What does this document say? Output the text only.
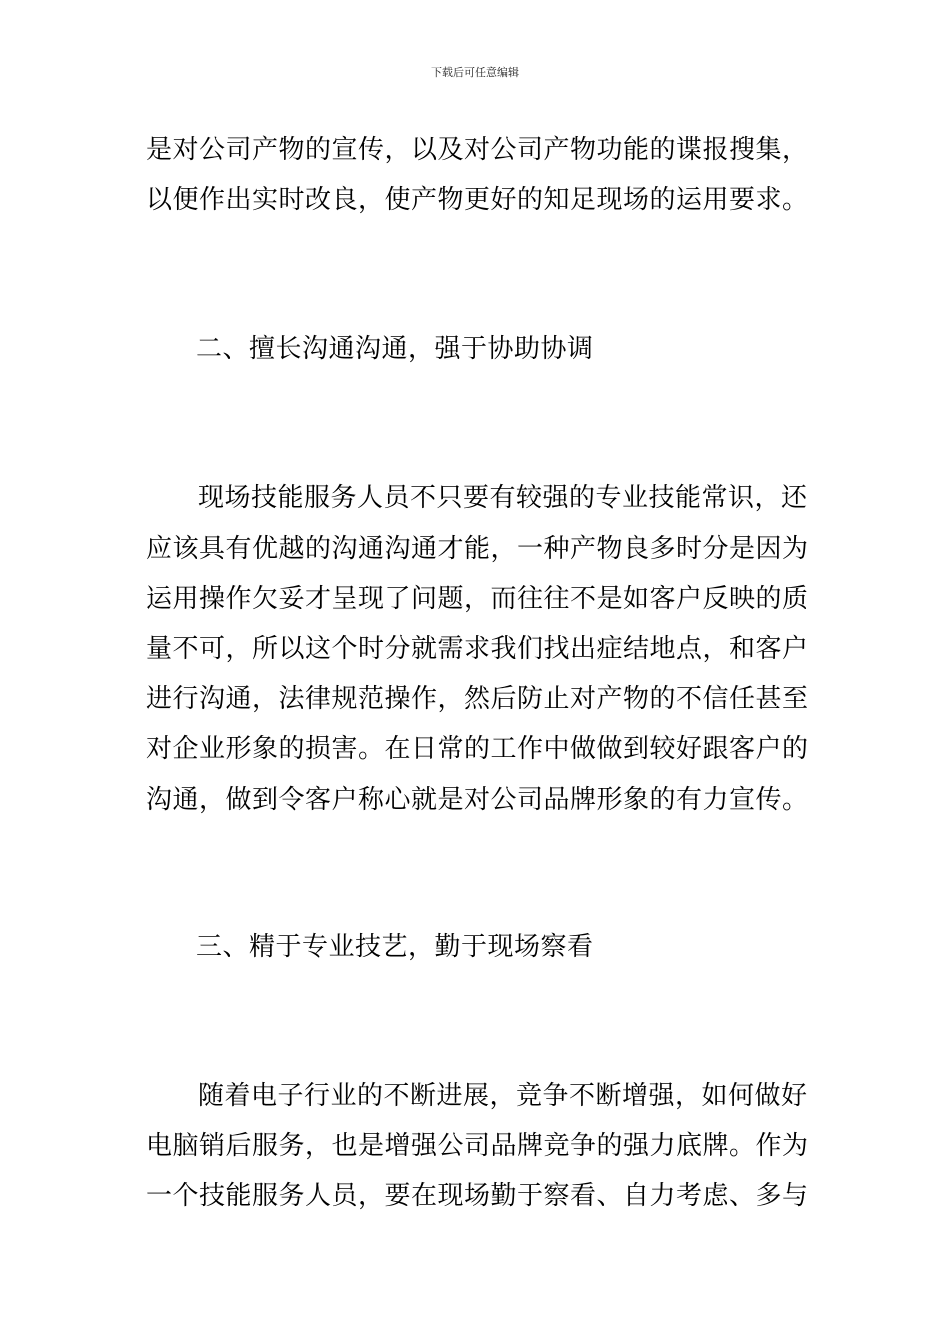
下载后可任意编辑
是对公司产物的宣传，以及对公司产物功能的谍报搜集，
以便作出实时改良，使产物更好的知足现场的运用要求。
二、擅长沟通沟通，强于协助协调
现场技能服务人员不只要有较强的专业技能常识，还
应该具有优越的沟通沟通才能，一种产物良多时分是因为
运用操作欠妥才呈现了问题，而往往不是如客户反映的质
量不可，所以这个时分就需求我们找出症结地点，和客户
进行沟通，法律规范操作，然后防止对产物的不信任甚至
对企业形象的损害。在日常的工作中做做到较好跟客户的
沟通，做到令客户称心就是对公司品牌形象的有力宣传。
三、精于专业技艺，勤于现场察看
随着电子行业的不断进展，竞争不断增强，如何做好
电脑销后服务，也是增强公司品牌竞争的强力底牌。作为
一个技能服务人员，要在现场勤于察看、自力考虑、多与
